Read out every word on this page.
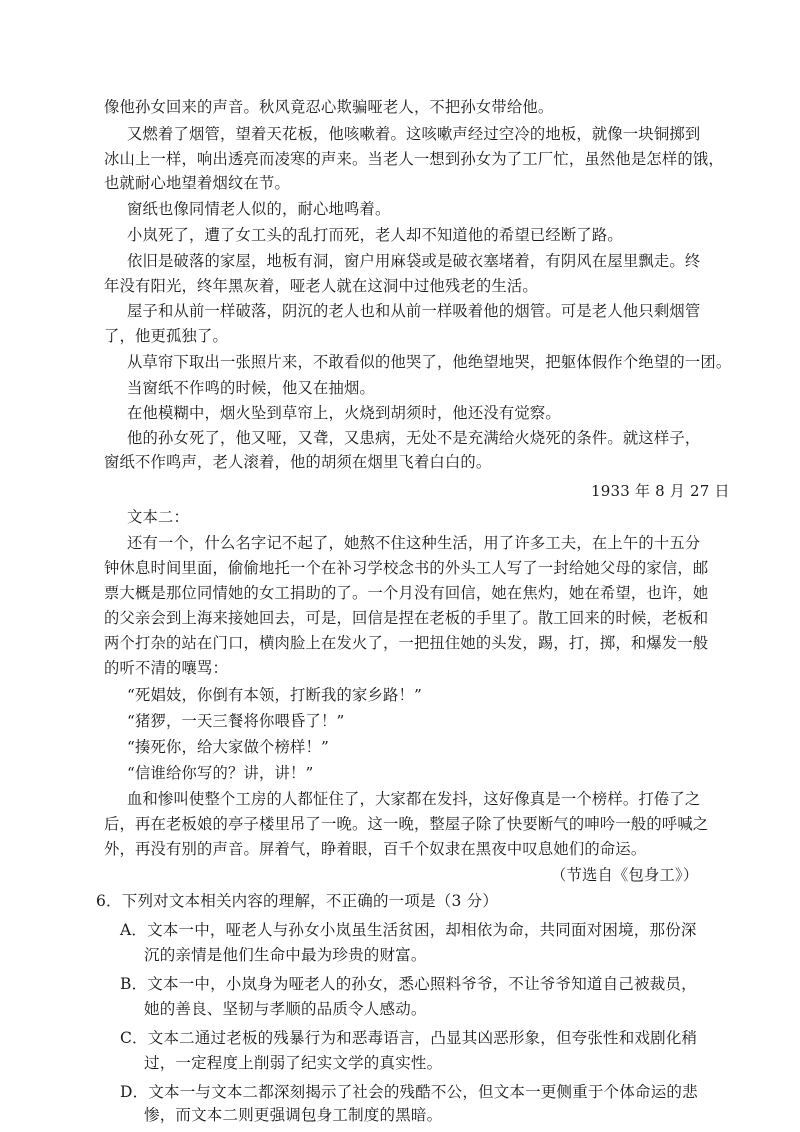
像他孙女回来的声音。秋风竟忍心欺骗哑老人，不把孙女带给他。

又燃着了烟管，望着天花板，他咳嗽着。这咳嗽声经过空冷的地板，就像一块铜掷到

冰山上一样，响出透亮而凌寒的声来。当老人一想到孙女为了工厂忙，虽然他是怎样的饿，

也就耐心地望着烟纹在节。

窗纸也像同情老人似的，耐心地鸣着。

小岚死了，遭了女工头的乱打而死，老人却不知道他的希望已经断了路。

依旧是破落的家屋，地板有洞，窗户用麻袋或是破衣塞堵着，有阴风在屋里飘走。终

年没有阳光，终年黑灰着，哑老人就在这洞中过他残老的生活。

屋子和从前一样破落，阴沉的老人也和从前一样吸着他的烟管。可是老人他只剩烟管

了，他更孤独了。

从草帘下取出一张照片来，不敢看似的他哭了，他绝望地哭，把躯体假作个绝望的一团。

当窗纸不作鸣的时候，他又在抽烟。

在他模糊中，烟火坠到草帘上，火烧到胡须时，他还没有觉察。

他的孙女死了，他又哑，又聋，又患病，无处不是充满给火烧死的条件。就这样子，

窗纸不作鸣声，老人滚着，他的胡须在烟里飞着白白的。

1933 年 8 月 27 日

文本二：

还有一个，什么名字记不起了，她熬不住这种生活，用了许多工夫，在上午的十五分

钟休息时间里面，偷偷地托一个在补习学校念书的外头工人写了一封给她父母的家信，邮

票大概是那位同情她的女工捐助的了。一个月没有回信，她在焦灼，她在希望，也许，她

的父亲会到上海来接她回去，可是，回信是捏在老板的手里了。散工回来的时候，老板和

两个打杂的站在门口，横肉脸上在发火了，一把扭住她的头发，踢，打，掷，和爆发一般

的听不清的嚷骂：

“死娼妓，你倒有本领，打断我的家乡路！”

“猪猡，一天三餐将你喂昏了！”

“揍死你，给大家做个榜样！”

“信谁给你写的？讲，讲！”

血和惨叫使整个工房的人都怔住了，大家都在发抖，这好像真是一个榜样。打倦了之

后，再在老板娘的亭子楼里吊了一晚。这一晚，整屋子除了快要断气的呻吟一般的呼喊之

外，再没有别的声音。屏着气，睁着眼，百千个奴隶在黑夜中叹息她们的命运。

（节选自《包身工》）

6．下列对文本相关内容的理解，不正确的一项是（3 分）

A．文本一中，哑老人与孙女小岚虽生活贫困，却相依为命，共同面对困境，那份深

沉的亲情是他们生命中最为珍贵的财富。

B．文本一中，小岚身为哑老人的孙女，悉心照料爷爷，不让爷爷知道自己被裁员，

她的善良、坚韧与孝顺的品质令人感动。

C．文本二通过老板的残暴行为和恶毒语言，凸显其凶恶形象，但夸张性和戏剧化稍

过，一定程度上削弱了纪实文学的真实性。

D．文本一与文本二都深刻揭示了社会的残酷不公，但文本一更侧重于个体命运的悲

惨，而文本二则更强调包身工制度的黑暗。
